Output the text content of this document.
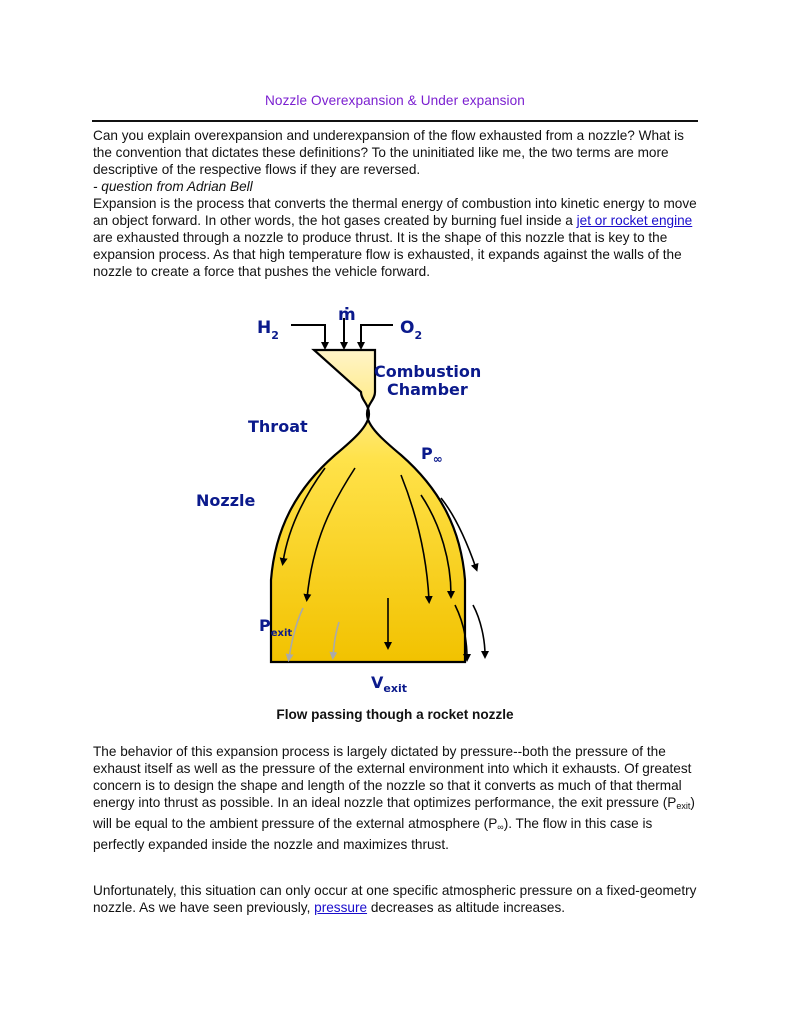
Nozzle Overexpansion & Under expansion

Can you explain overexpansion and underexpansion of the flow exhausted from a nozzle? What is the convention that dictates these definitions? To the uninitiated like me, the two terms are more descriptive of the respective flows if they are reversed.

- question from Adrian Bell

Expansion is the process that converts the thermal energy of combustion into kinetic energy to move an object forward. In other words, the hot gases created by burning fuel inside a jet or rocket engine are exhausted through a nozzle to produce thrust. It is the shape of this nozzle that is key to the expansion process. As that high temperature flow is exhausted, it expands against the walls of the nozzle to create a force that pushes the vehicle forward.

ṁ
$H_2$	$O_2$
Combustion
Chamber
Throat
$P_\infty$
Nozzle
$P_{exit}$
$V_{exit}$
Flow passing though a rocket nozzle

The behavior of this expansion process is largely dictated by pressure--both the pressure of the exhaust itself as well as the pressure of the external environment into which it exhausts. Of greatest concern is to design the shape and length of the nozzle so that it converts as much of that thermal energy into thrust as possible. In an ideal nozzle that optimizes performance, the exit pressure $(P_{exit})$ will be equal to the ambient pressure of the external atmosphere $(P_\infty)$. The flow in this case is perfectly expanded inside the nozzle and maximizes thrust.

Unfortunately, this situation can only occur at one specific atmospheric pressure on a fixed-geometry nozzle. As we have seen previously, pressure decreases as altitude increases.
